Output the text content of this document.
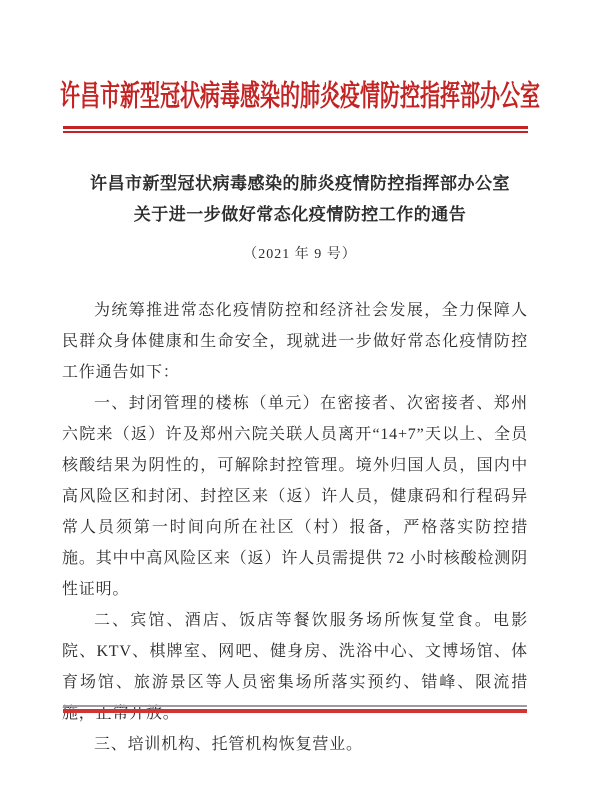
许昌市新型冠状病毒感染的肺炎疫情防控指挥部办公室
许昌市新型冠状病毒感染的肺炎疫情防控指挥部办公室
关于进一步做好常态化疫情防控工作的通告
（2021 年 9 号）

为统筹推进常态化疫情防控和经济社会发展，全力保障人民群众身体健康和生命安全，现就进一步做好常态化疫情防控工作通告如下：

一、封闭管理的楼栋（单元）在密接者、次密接者、郑州六院来（返）许及郑州六院关联人员离开“14+7”天以上、全员核酸结果为阴性的，可解除封控管理。境外归国人员，国内中高风险区和封闭、封控区来（返）许人员，健康码和行程码异常人员须第一时间向所在社区（村）报备，严格落实防控措施。其中中高风险区来（返）许人员需提供 72 小时核酸检测阴性证明。

二、宾馆、酒店、饭店等餐饮服务场所恢复堂食。电影院、KTV、棋牌室、网吧、健身房、洗浴中心、文博场馆、体育场馆、旅游景区等人员密集场所落实预约、错峰、限流措施，正常开放。

三、培训机构、托管机构恢复营业。
